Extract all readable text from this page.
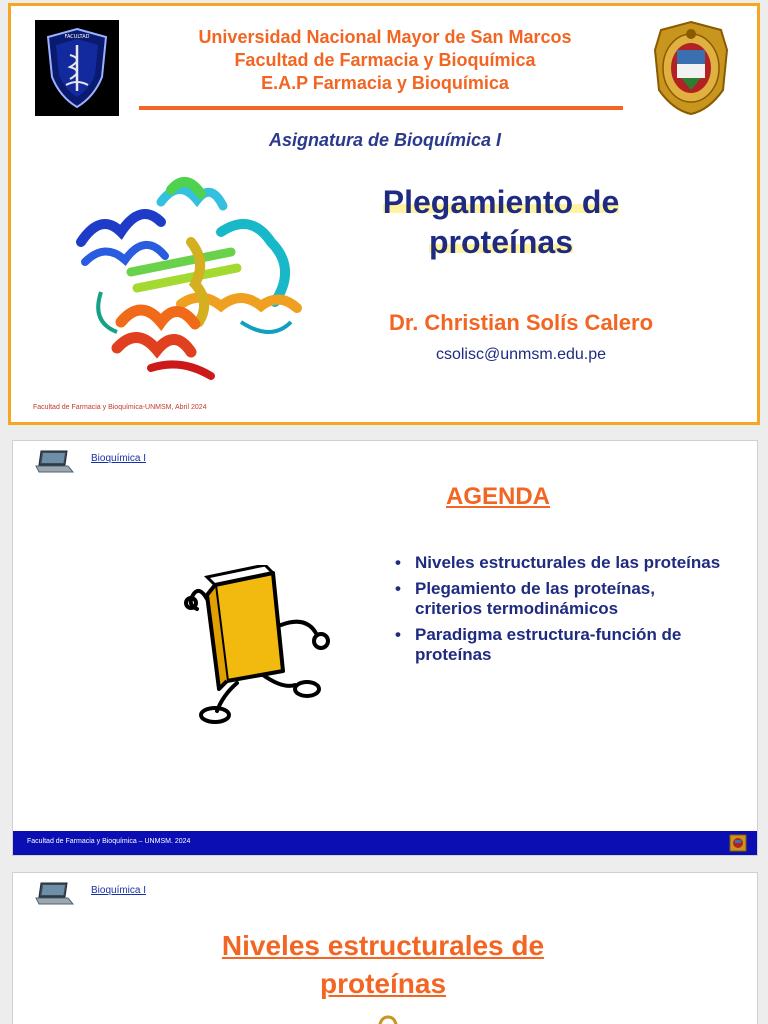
FACULTAD	Universidad Nacional Mayor de San Marcos
Facultad de Farmacia y Bioquímica
E.A.P Farmacia y Bioquímica
Asignatura de Bioquímica I
Plegamiento de
proteínas
Dr. Christian Solís Calero
csolisc@unmsm.edu.pe
Facultad de Farmacia y Bioquímica-UNMSM, Abril 2024
Bioquímica I
AGENDA
• Niveles estructurales de las proteínas
• Plegamiento de las proteínas, criterios termodinámicos
• Paradigma estructura-función de proteínas
Facultad de Farmacia y Bioquímica – UNMSM. 2024
Bioquímica I
Niveles estructurales de
proteínas
